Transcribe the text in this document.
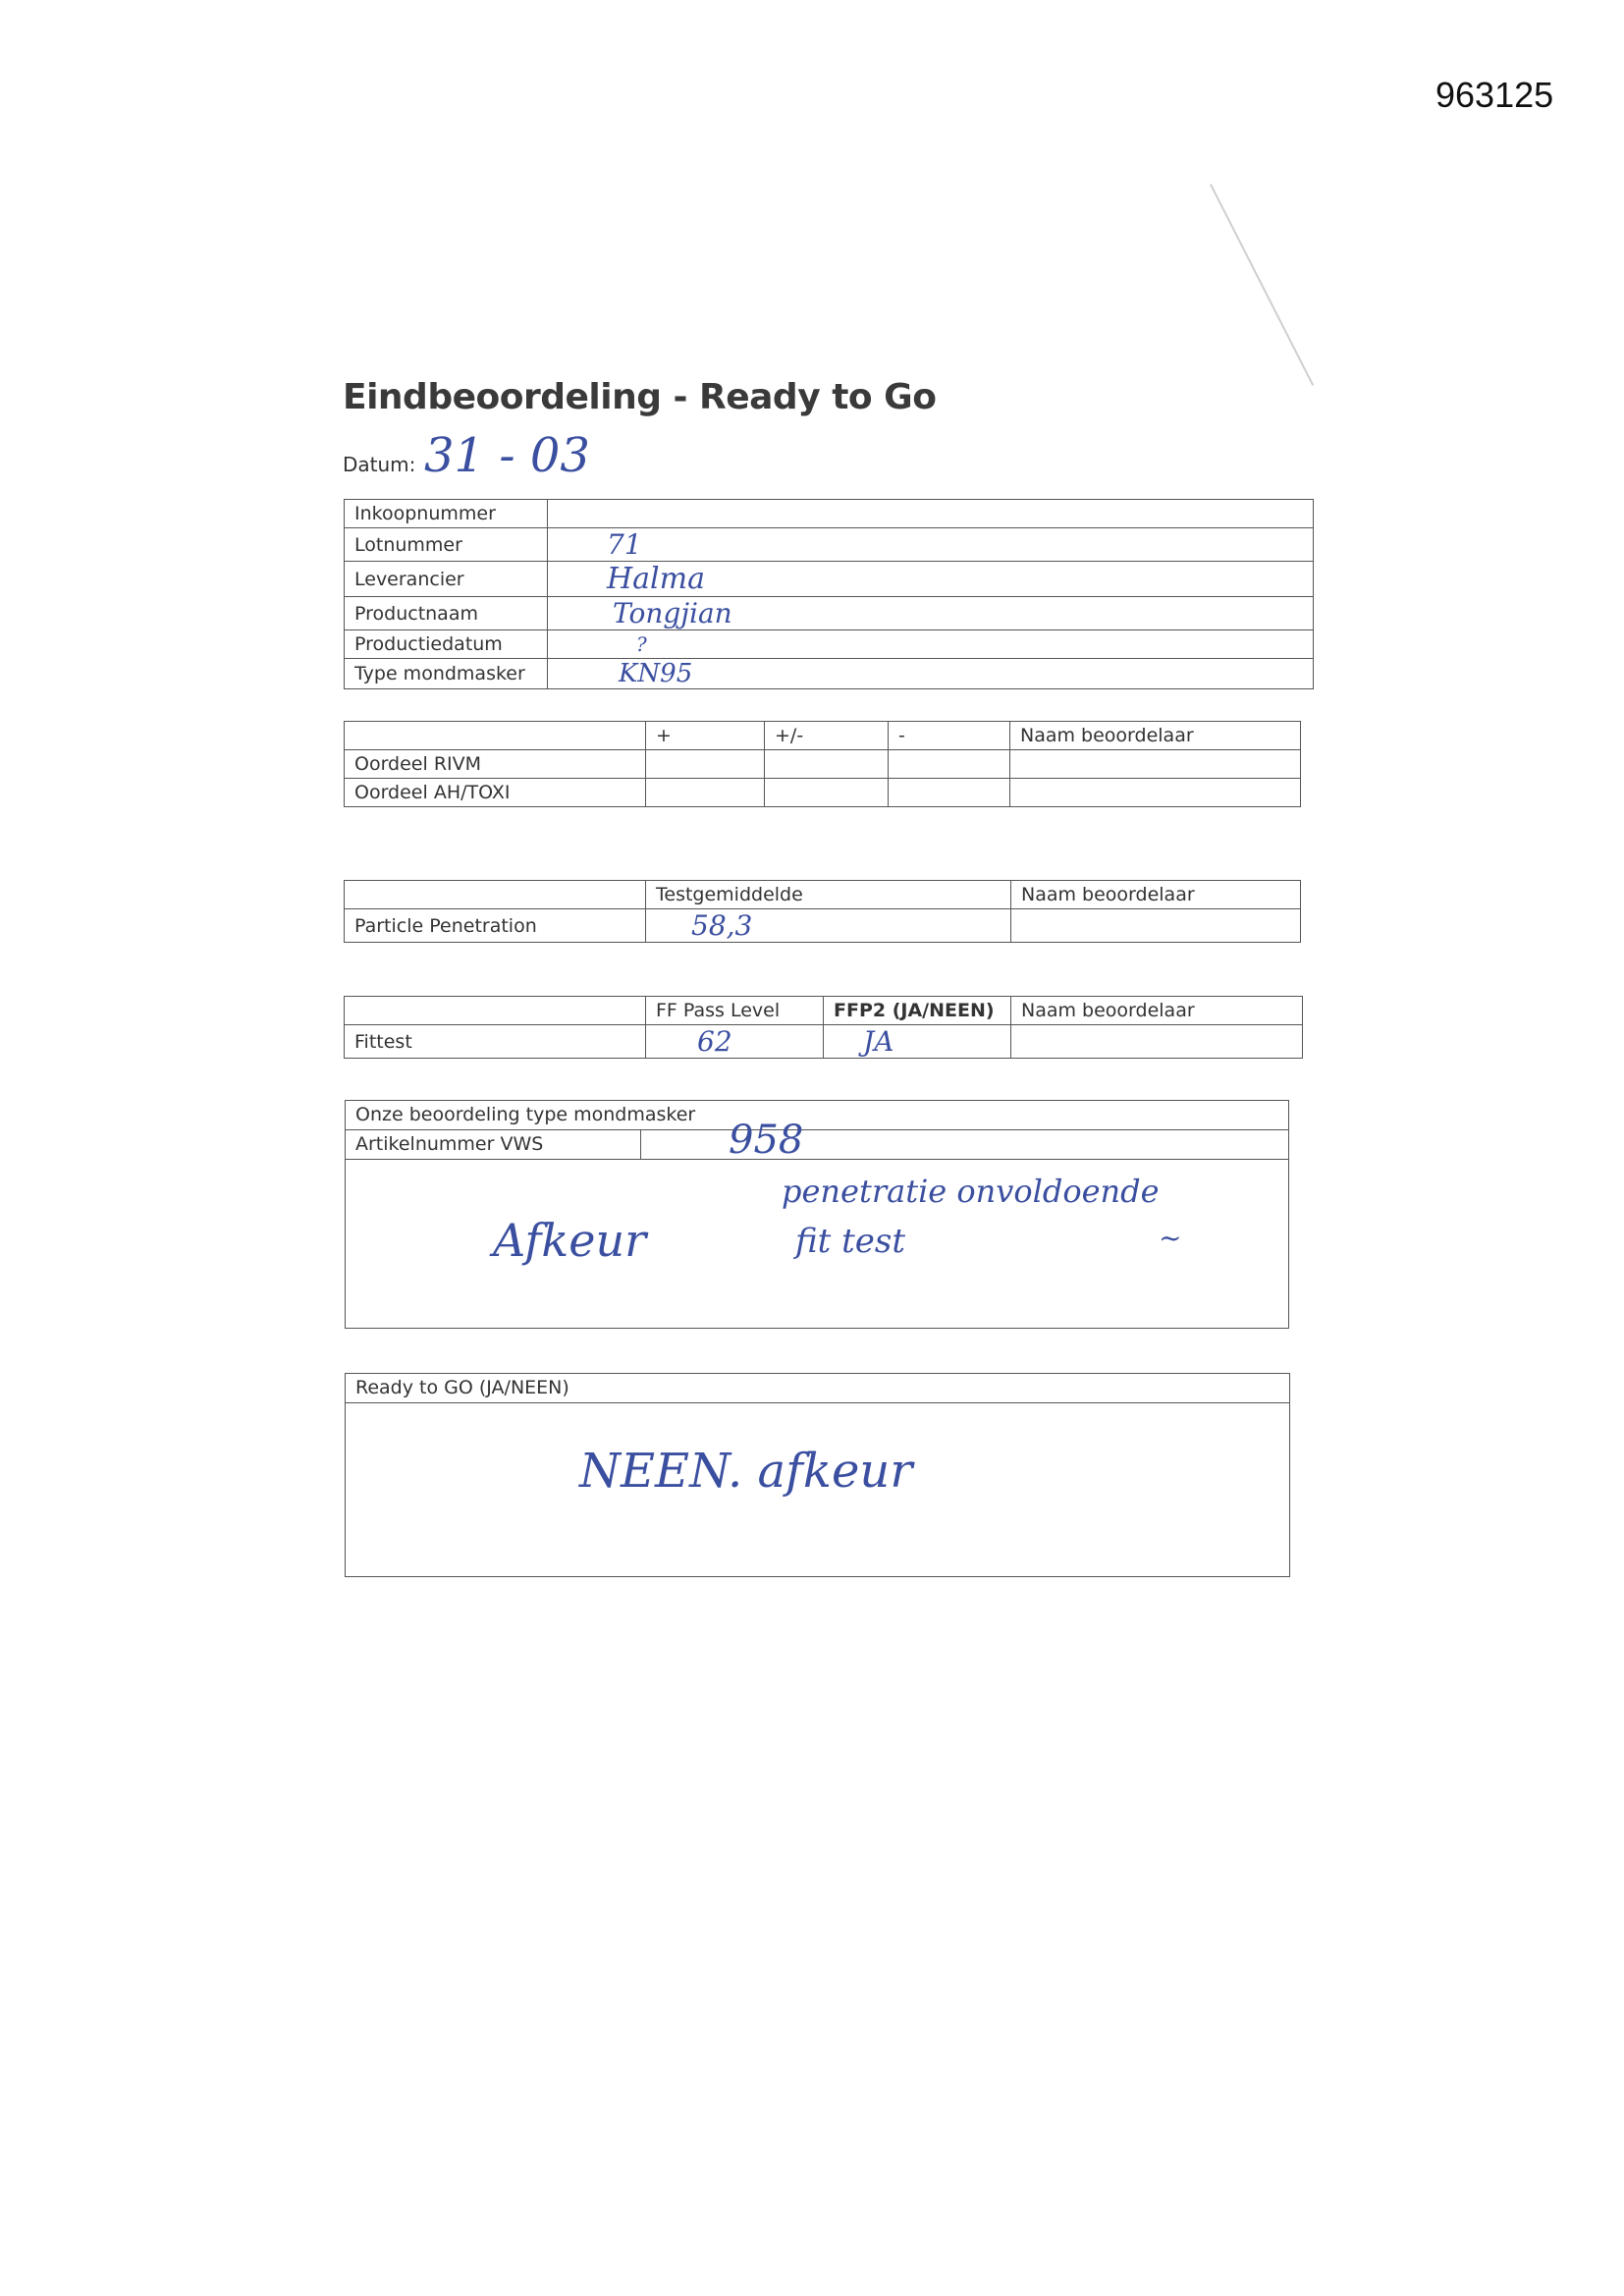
963125
Eindbeoordeling - Ready to Go
Datum: 31 - 03
Inkoopnummer	
Lotnummer	71
Leverancier	Halma
Productnaam	Tongjian
Productiedatum	?
Type mondmasker	KN95
	+	+/-	-	Naam beoordelaar
Oordeel RIVM				
Oordeel AH/TOXI				
	Testgemiddelde	Naam beoordelaar
Particle Penetration	58,3	
	FF Pass Level	FFP2 (JA/NEEN)	Naam beoordelaar
Fittest	62	JA	
Onze beoordeling type mondmasker
Artikelnummer VWS	958
Afkeur
penetratie onvoldoende
fit test	~
Ready to GO (JA/NEEN)
NEEN. afkeur
